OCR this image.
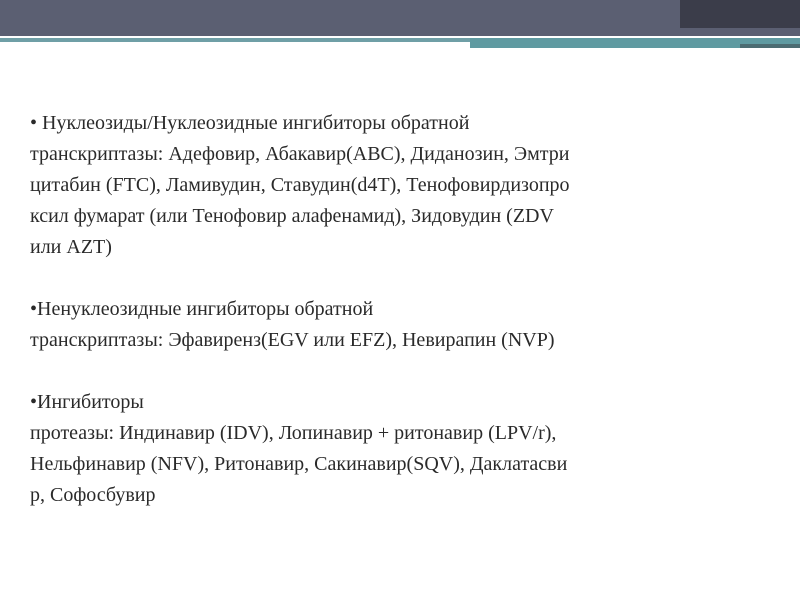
• Нуклеозиды/Нуклеозидные ингибиторы обратной
транскриптазы: Адефовир, Абакавир(ABC), Диданозин, Эмтри
цитабин (FTC), Ламивудин, Ставудин(d4T), Тенофовирдизопро
ксил фумарат (или Тенофовир алафенамид), Зидовудин (ZDV
или AZT)

•Ненуклеозидные ингибиторы обратной
транскриптазы: Эфавиренз(EGV или EFZ), Невирапин (NVP)

•Ингибиторы
протеазы: Индинавир (IDV), Лопинавир + ритонавир (LPV/r),
Нельфинавир (NFV), Ритонавир, Сакинавир(SQV), Даклатасви
р, Софосбувир
